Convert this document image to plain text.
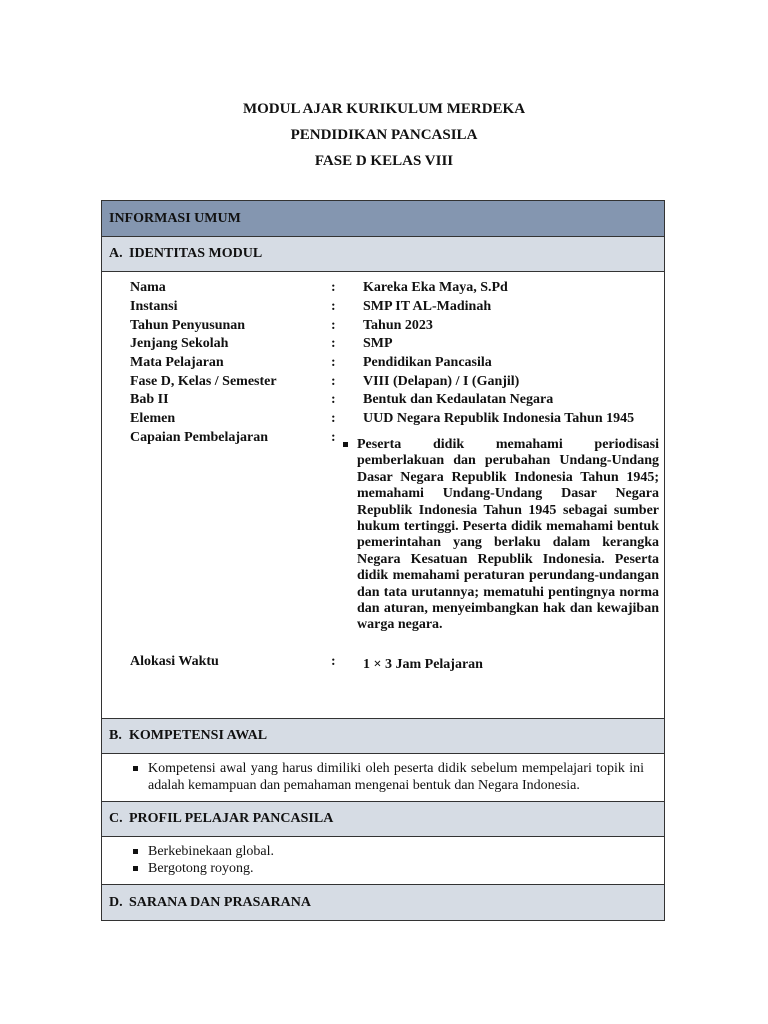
MODUL AJAR KURIKULUM MERDEKA
PENDIDIKAN PANCASILA
FASE D KELAS VIII
INFORMASI UMUM
A. IDENTITAS MODUL
Nama	: Kareka Eka Maya, S.Pd
Instansi	: SMP IT AL-Madinah
Tahun Penyusunan	: Tahun 2023
Jenjang Sekolah	: SMP
Mata Pelajaran	: Pendidikan Pancasila
Fase D, Kelas / Semester	: VIII (Delapan) / I (Ganjil)
Bab II	: Bentuk dan Kedaulatan Negara
Elemen	: UUD Negara Republik Indonesia Tahun 1945
Capaian Pembelajaran	: Peserta didik memahami periodisasi pemberlakuan dan perubahan Undang-Undang Dasar Negara Republik Indonesia Tahun 1945; memahami Undang-Undang Dasar Negara Republik Indonesia Tahun 1945 sebagai sumber hukum tertinggi. Peserta didik memahami bentuk pemerintahan yang berlaku dalam kerangka Negara Kesatuan Republik Indonesia. Peserta didik memahami peraturan perundang-undangan dan tata urutannya; mematuhi pentingnya norma dan aturan, menyeimbangkan hak dan kewajiban warga negara.
Alokasi Waktu	: 1 × 3 Jam Pelajaran
B. KOMPETENSI AWAL
Kompetensi awal yang harus dimiliki oleh peserta didik sebelum mempelajari topik ini adalah kemampuan dan pemahaman mengenai bentuk dan Negara Indonesia.
C. PROFIL PELAJAR PANCASILA
Berkebinekaan global.
Bergotong royong.
D. SARANA DAN PRASARANA
